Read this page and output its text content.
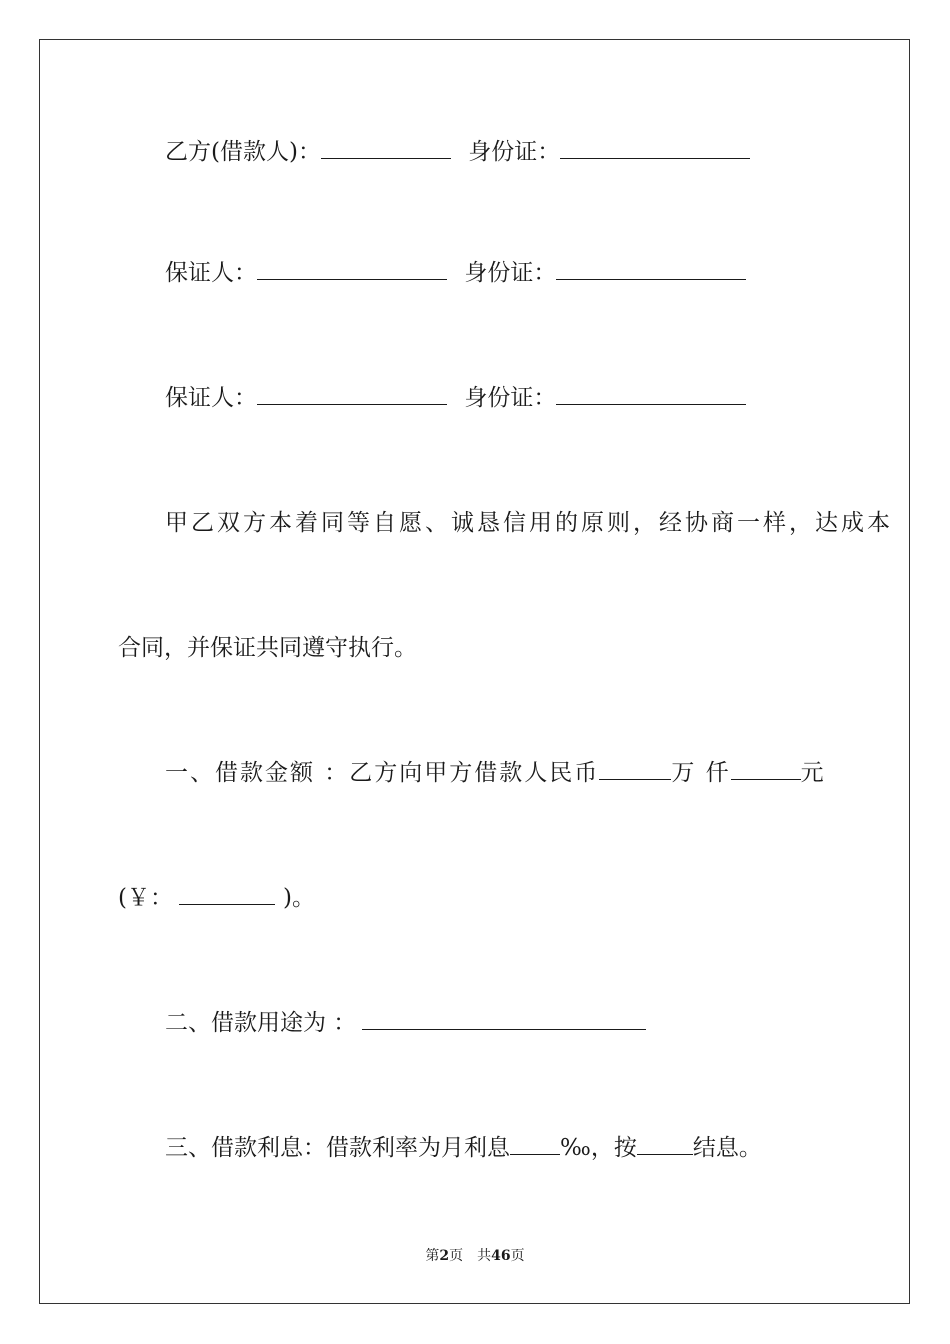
乙方(借款人)：	身份证：
保证人：	身份证：
保证人：	身份证：
甲乙双方本着同等自愿、诚恳信用的原则，经协商一样，达成本
合同，并保证共同遵守执行。
一、借款金额 ：乙方向甲方借款人民币	万 仟	元
(￥：	)。
二、借款用途为 ：
三、借款利息：借款利率为月利息 ‰，按 结息。
第2页　共46页
